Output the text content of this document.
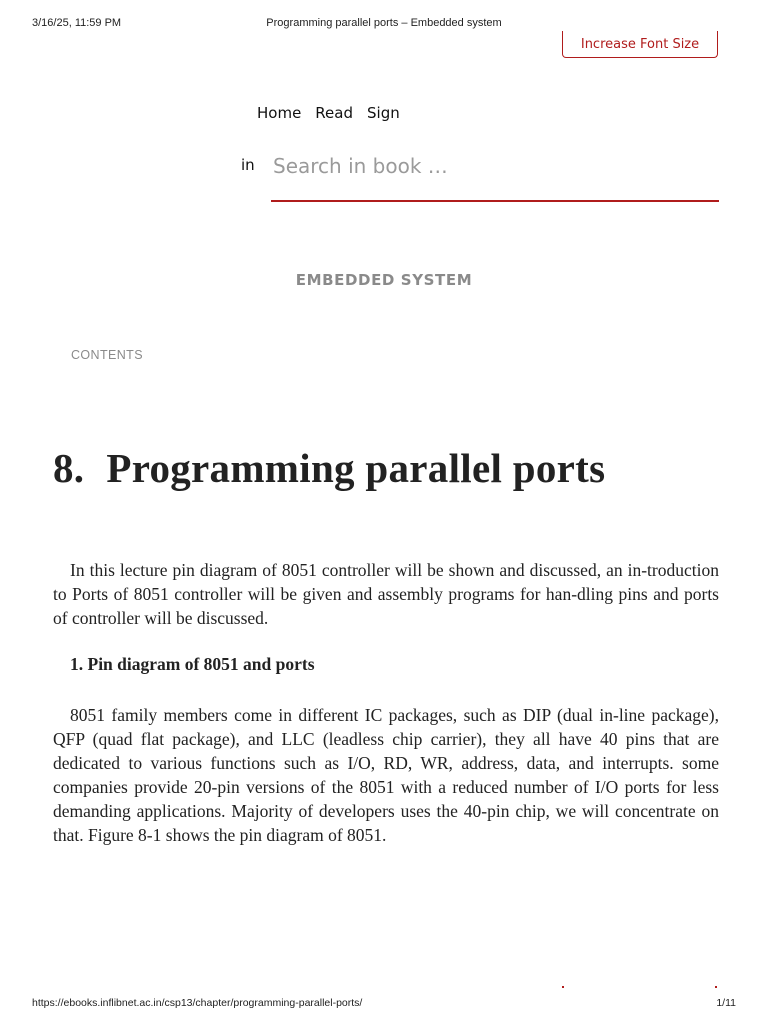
3/16/25, 11:59 PM	Programming parallel ports – Embedded system
Increase Font Size
Home Read Sign
in
Search in book …
EMBEDDED SYSTEM
CONTENTS
8. Programming parallel ports

In this lecture pin diagram of 8051 controller will be shown and discussed, an in-troduction to Ports of 8051 controller will be given and assembly programs for han-dling pins and ports of controller will be discussed.

1. Pin diagram of 8051 and ports

8051 family members come in different IC packages, such as DIP (dual in-line package), QFP (quad flat package), and LLC (leadless chip carrier), they all have 40 pins that are dedicated to various functions such as I/O, RD, WR, address, data, and interrupts. some companies provide 20-pin versions of the 8051 with a reduced number of I/O ports for less demanding applications. Majority of developers uses the 40-pin chip, we will concentrate on that. Figure 8-1 shows the pin diagram of 8051.

https://ebooks.inflibnet.ac.in/csp13/chapter/programming-parallel-ports/	1/11
